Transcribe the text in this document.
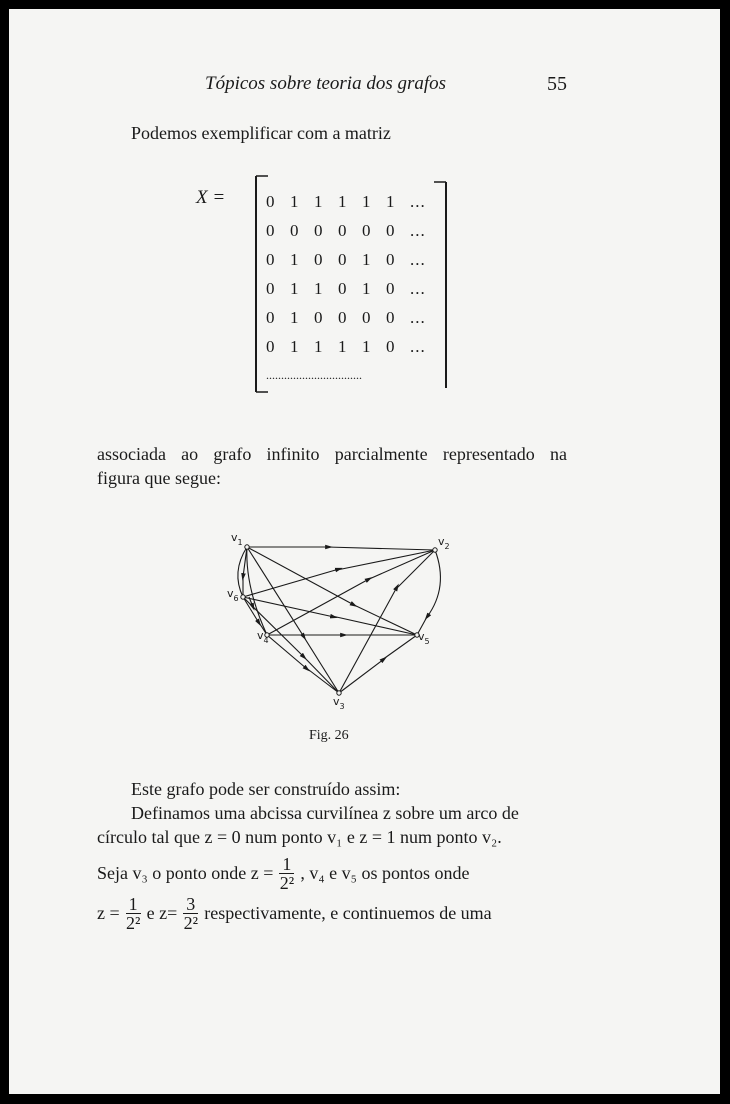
Tópicos sobre teoria dos grafos	55
Podemos exemplificar com a matriz
X = 0 1 1 1 1 1 ...
0 0 0 0 0 0 ...
0 1 0 0 1 0 ...
0 1 1 0 1 0 ...
0 1 0 0 0 0 ...
0 1 1 1 1 0 ...
................................
associada ao grafo infinito parcialmente representado na
figura que segue:
$v_1$	$v_2$
$v_6$
$v_4$	$v_5$
$v_3$
Fig. 26
Este grafo pode ser construído assim:
Definamos uma abcissa curvilínea z sobre um arco de
círculo tal que z = 0 num ponto v₁ e z = 1 num ponto v₂.
Seja v₃ o ponto onde $z = \frac{1}{\text{2²}}$ , v₄ e v₅ os pontos onde
$z = \frac{1}{\text{2²}}$ e $z= \frac{3}{\text{2²}}$ respectivamente, e continuemos de uma
